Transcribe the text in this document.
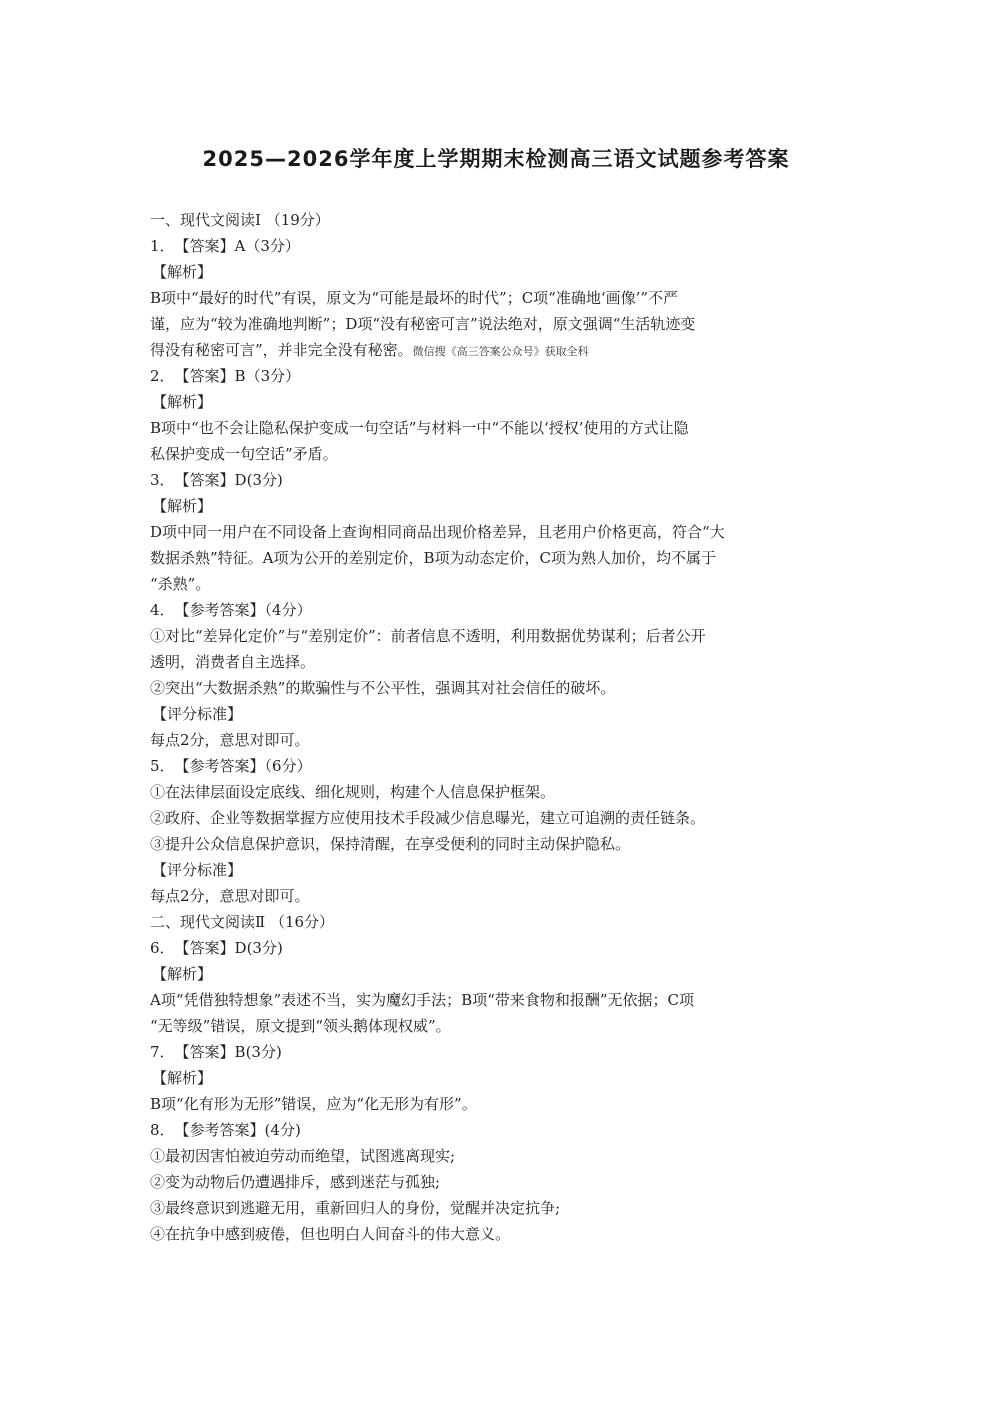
2025—2026学年度上学期期末检测高三语文试题参考答案
一、现代文阅读Ⅰ （19分）
1．　【答案】A（3分）
【解析】
B项中“最好的时代”有误，原文为“可能是最坏的时代”；C项“准确地‘画像’”不严
谨，应为“较为准确地判断”；D项“没有秘密可言”说法绝对，原文强调“生活轨迹变
得没有秘密可言”，并非完全没有秘密。微信搜《高三答案公众号》获取全科
2．　【答案】B（3分）
【解析】
B项中“也不会让隐私保护变成一句空话”与材料一中“不能以‘授权’使用的方式让隐
私保护变成一句空话”矛盾。
3．　【答案】D(3分)
【解析】
D项中同一用户在不同设备上查询相同商品出现价格差异，且老用户价格更高，符合“大
数据杀熟”特征。A项为公开的差别定价，B项为动态定价，C项为熟人加价，均不属于
“杀熟”。
4．　【参考答案】（4分）
①对比“差异化定价”与“差别定价”：前者信息不透明，利用数据优势谋利；后者公开
透明，消费者自主选择。
②突出“大数据杀熟”的欺骗性与不公平性，强调其对社会信任的破坏。
【评分标准】
每点2分，意思对即可。
5．　【参考答案】（6分）
①在法律层面设定底线、细化规则，构建个人信息保护框架。
②政府、企业等数据掌握方应使用技术手段减少信息曝光，建立可追溯的责任链条。
③提升公众信息保护意识，保持清醒，在享受便利的同时主动保护隐私。
【评分标准】
每点2分，意思对即可。
二、现代文阅读Ⅱ （16分）
6．　【答案】D(3分)
【解析】
A项“凭借独特想象”表述不当，实为魔幻手法；B项“带来食物和报酬”无依据；C项
“无等级”错误，原文提到“领头鹅体现权威”。
7．　【答案】B(3分)
【解析】
B项“化有形为无形”错误，应为“化无形为有形”。
8．　【参考答案】(4分)
①最初因害怕被迫劳动而绝望，试图逃离现实;
②变为动物后仍遭遇排斥，感到迷茫与孤独;
③最终意识到逃避无用，重新回归人的身份，觉醒并决定抗争;
④在抗争中感到疲倦，但也明白人间奋斗的伟大意义。
